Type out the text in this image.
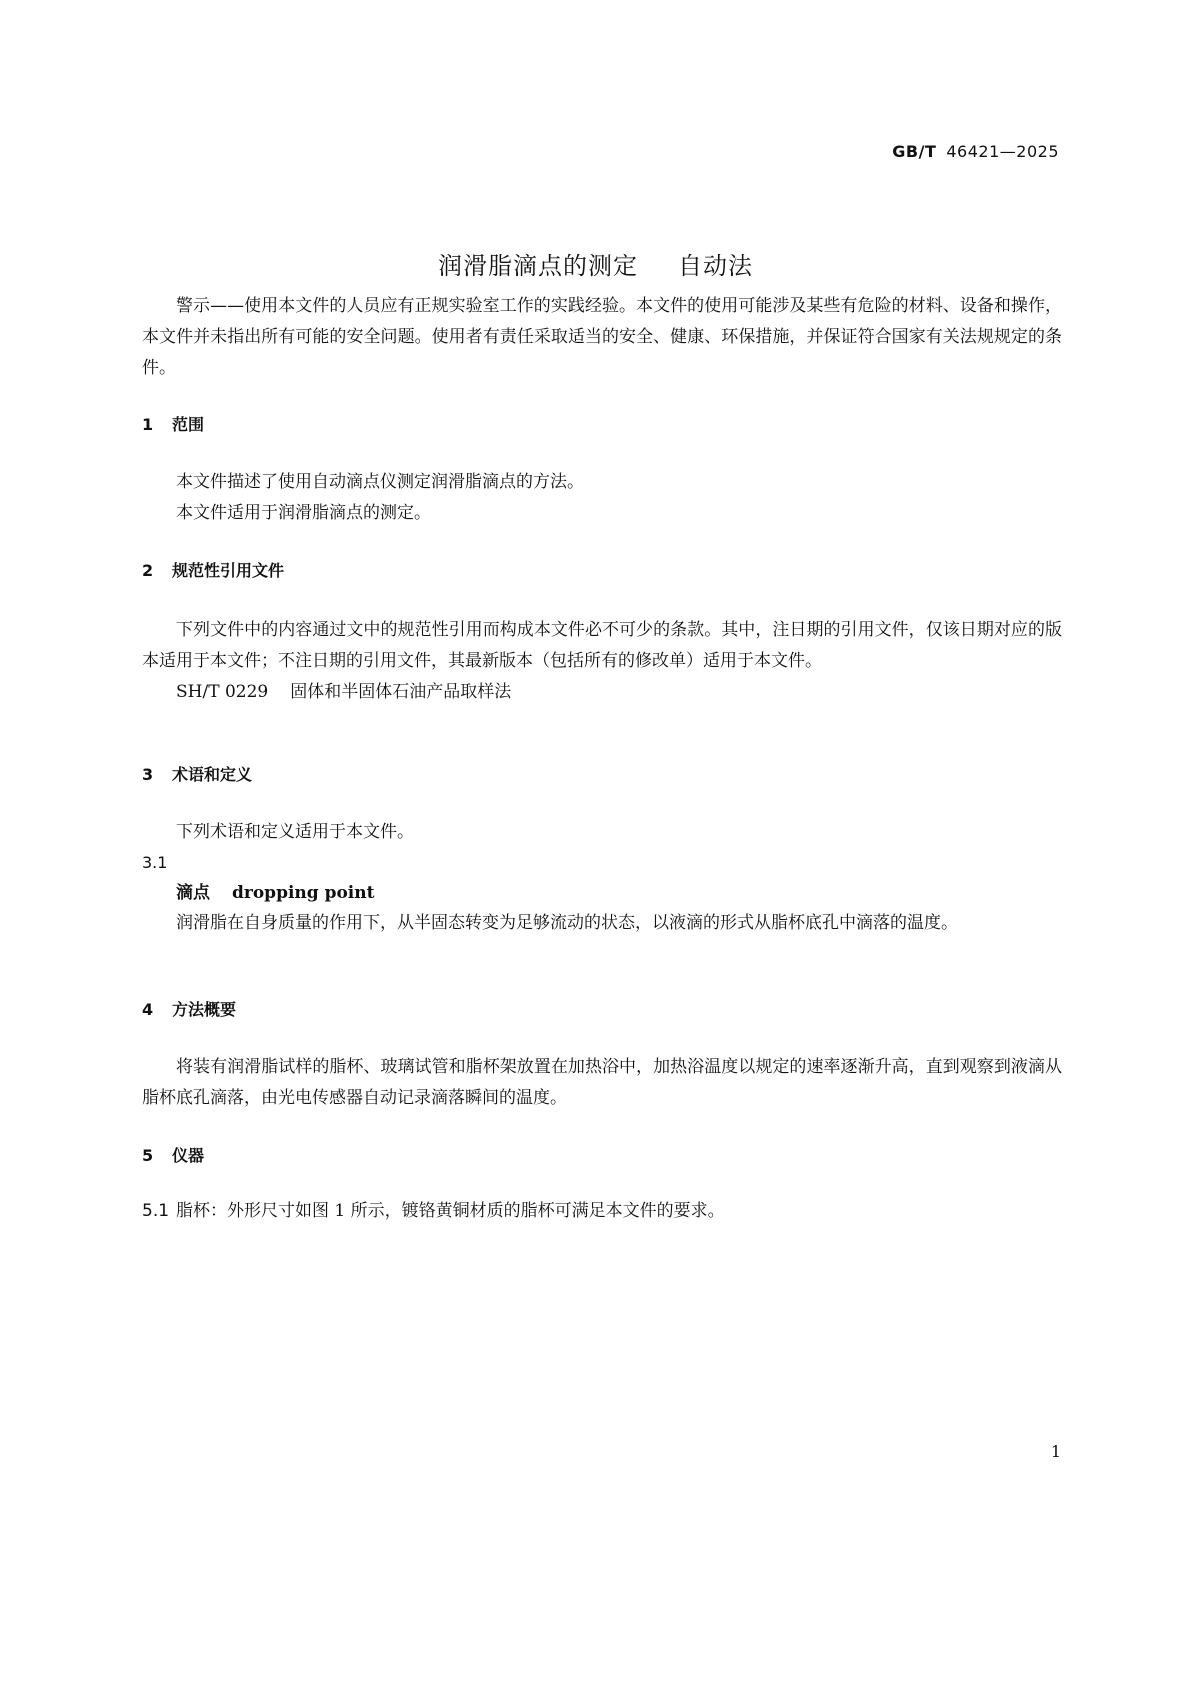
GB/T 46421—2025
润滑脂滴点的测定 自动法

警示——使用本文件的人员应有正规实验室工作的实践经验。本文件的使用可能涉及某些有危险的材料、设备和操作，本文件并未指出所有可能的安全问题。使用者有责任采取适当的安全、健康、环保措施，并保证符合国家有关法规规定的条件。

1 范围

本文件描述了使用自动滴点仪测定润滑脂滴点的方法。

本文件适用于润滑脂滴点的测定。

2 规范性引用文件

下列文件中的内容通过文中的规范性引用而构成本文件必不可少的条款。其中，注日期的引用文件，仅该日期对应的版本适用于本文件；不注日期的引用文件，其最新版本（包括所有的修改单）适用于本文件。

SH/T 0229 固体和半固体石油产品取样法

3 术语和定义

下列术语和定义适用于本文件。

3.1

滴点 dropping point

润滑脂在自身质量的作用下，从半固态转变为足够流动的状态，以液滴的形式从脂杯底孔中滴落的温度。

4 方法概要

将装有润滑脂试样的脂杯、玻璃试管和脂杯架放置在加热浴中，加热浴温度以规定的速率逐渐升高，直到观察到液滴从脂杯底孔滴落，由光电传感器自动记录滴落瞬间的温度。

5 仪器

5.1 脂杯：外形尺寸如图 1 所示，镀铬黄铜材质的脂杯可满足本文件的要求。

1
